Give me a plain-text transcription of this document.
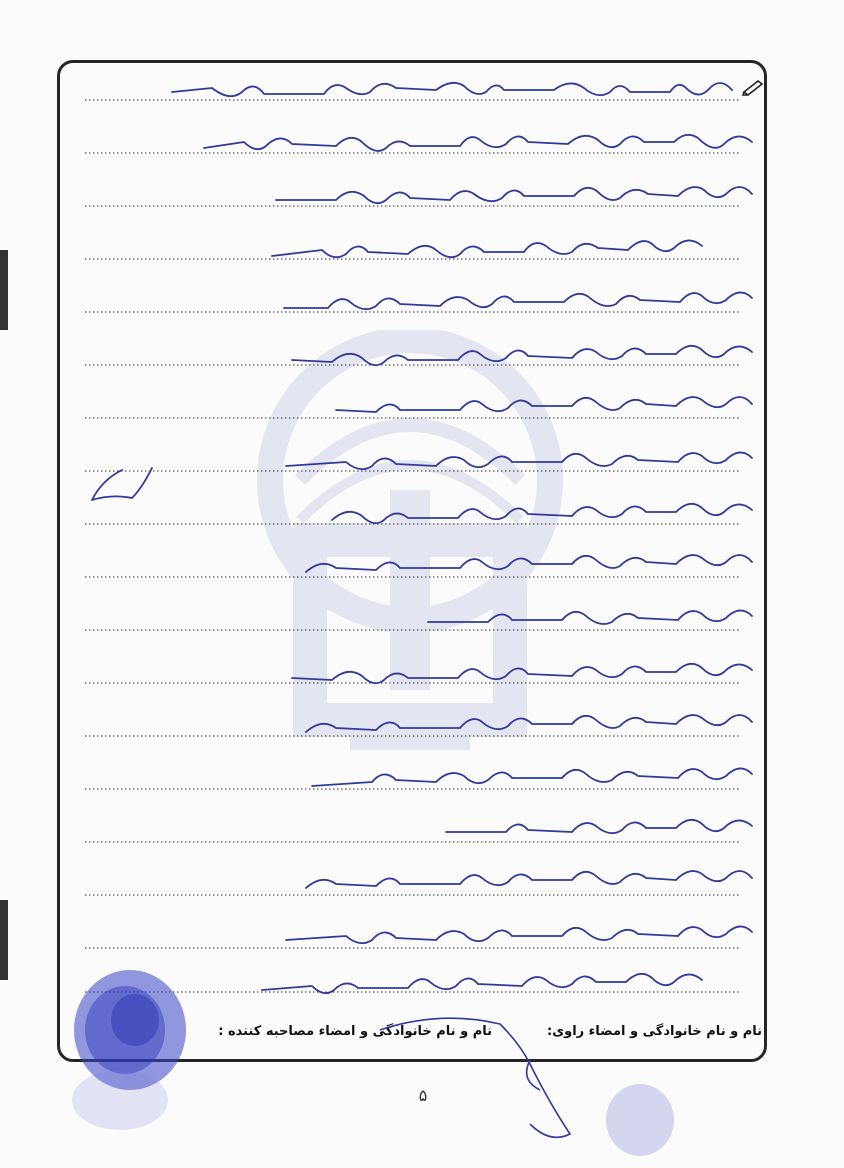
نام و نام خانوادگی و امضاء راوی:
نام و نام خانوادگی و امضاء مصاحبه کننده :
۵
